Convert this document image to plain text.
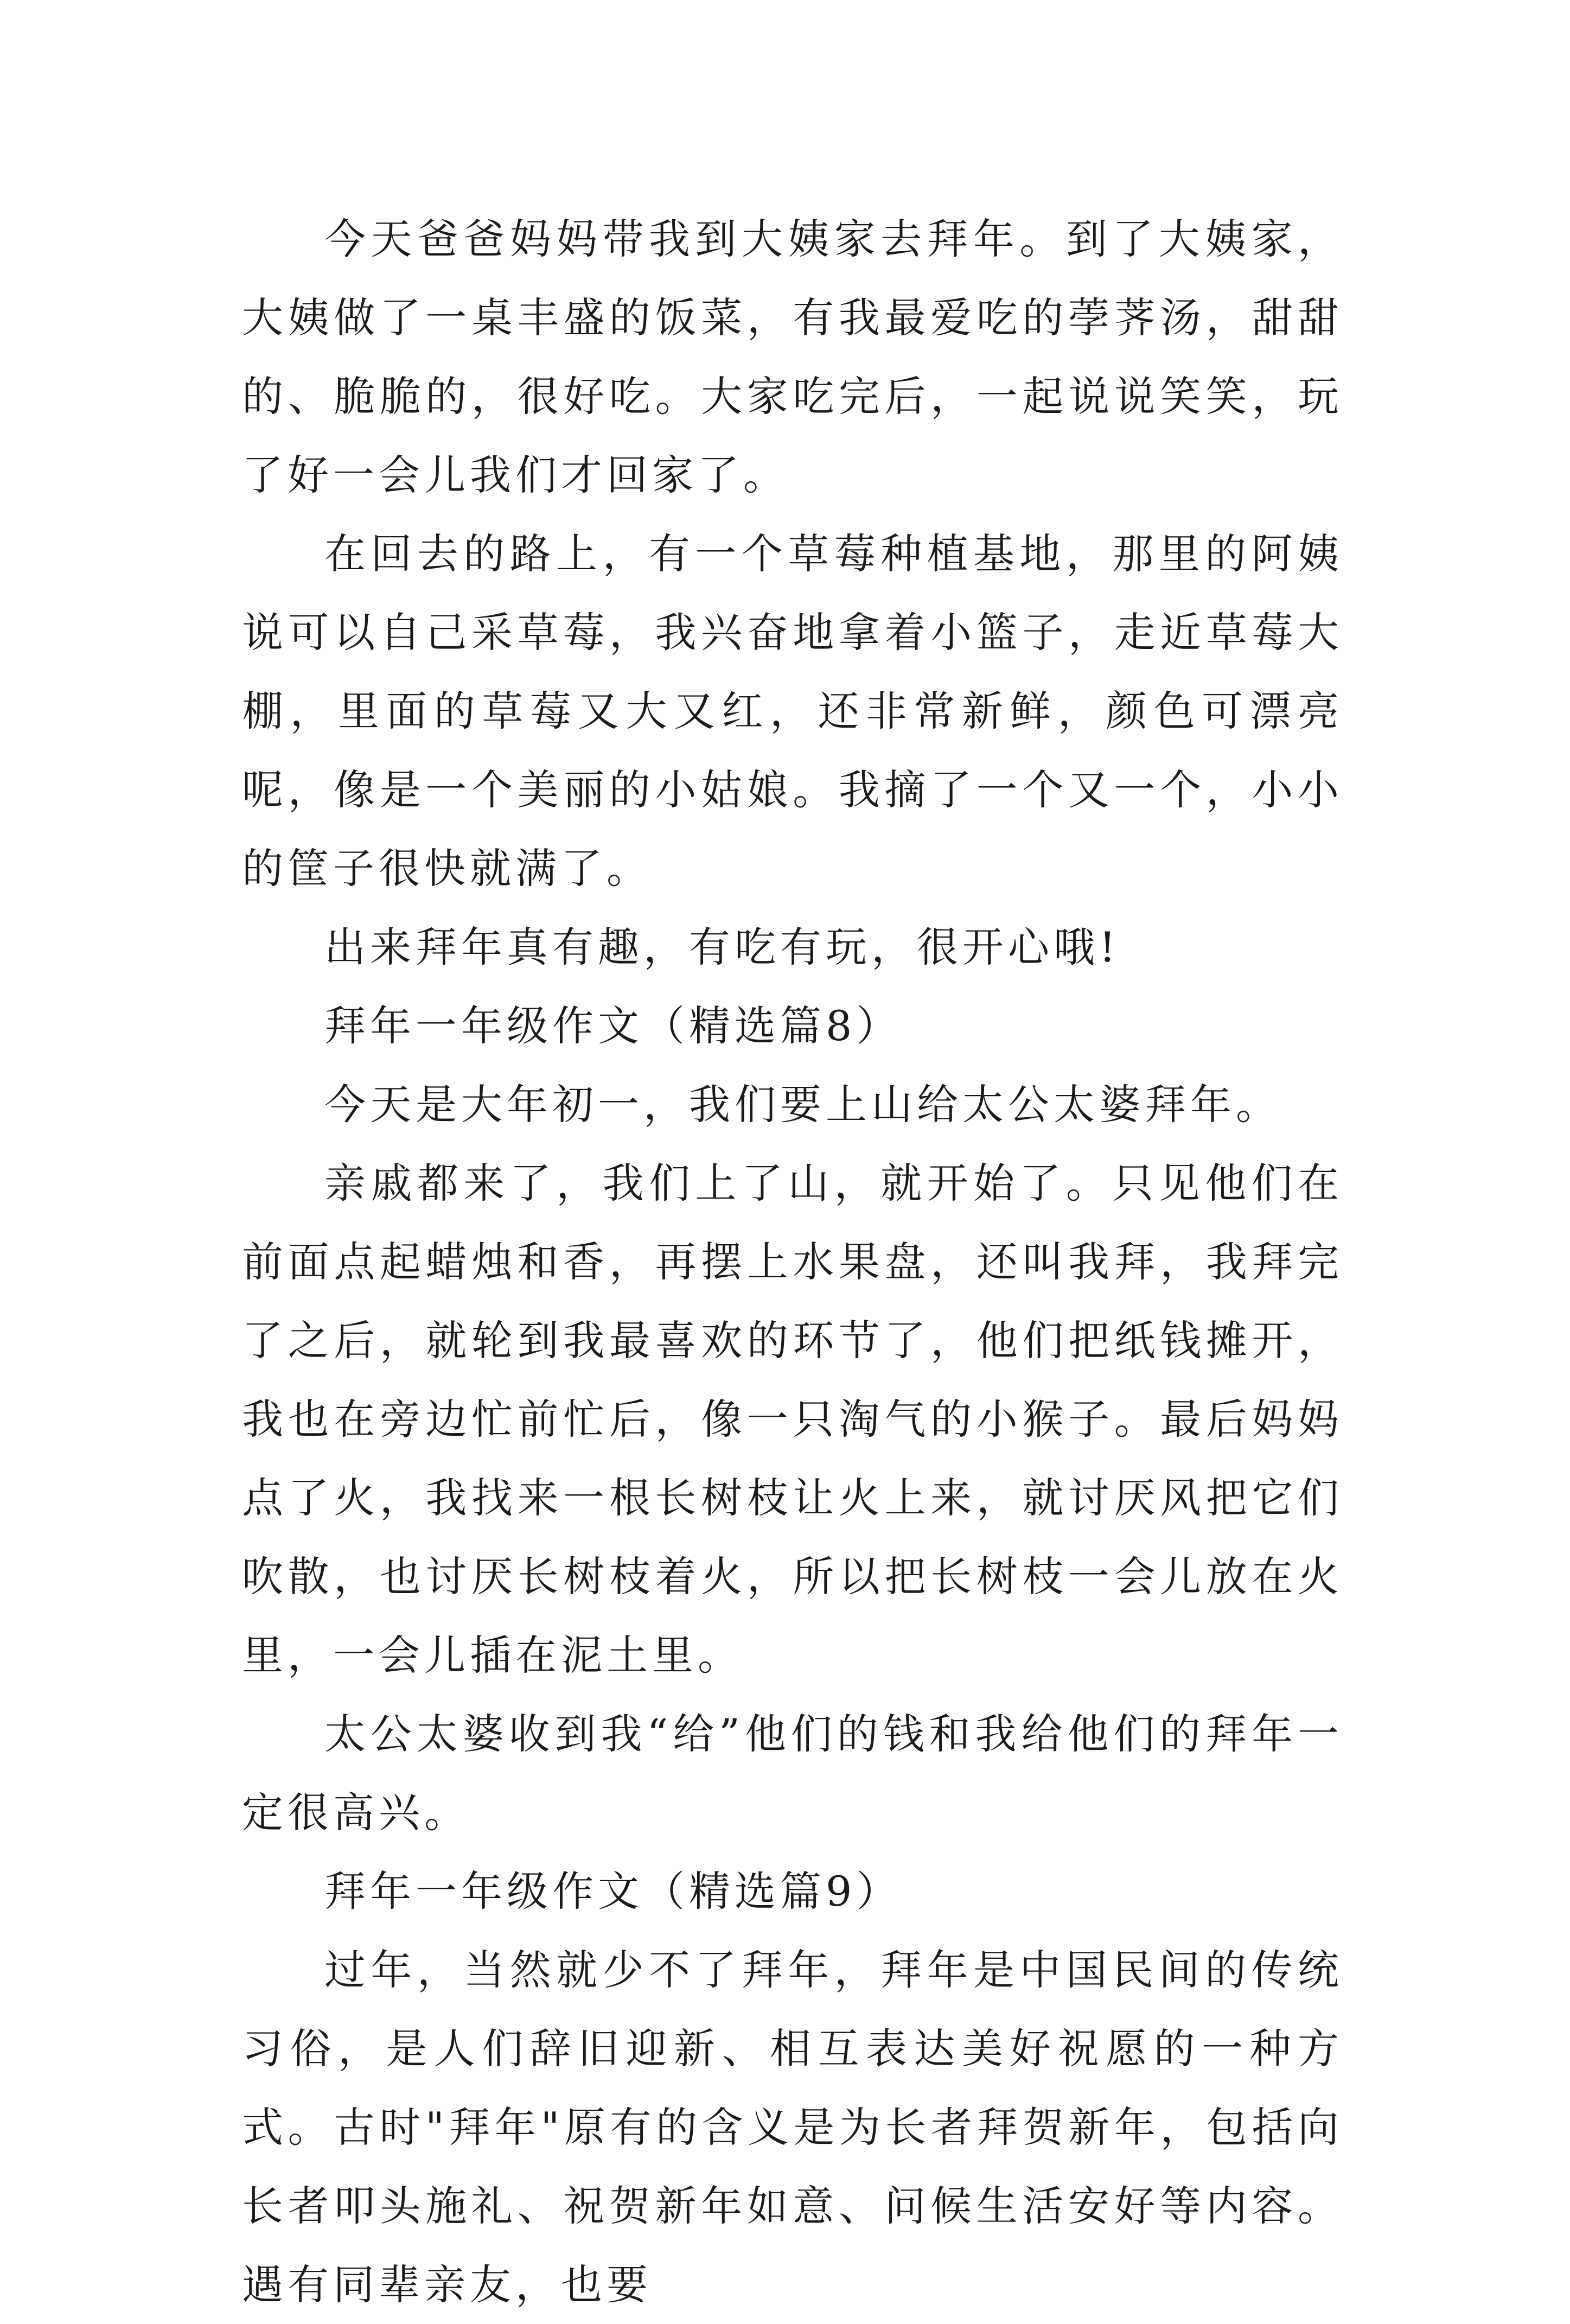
今天爸爸妈妈带我到大姨家去拜年。到了大姨家，大姨做了一桌丰盛的饭菜，有我最爱吃的荸荠汤，甜甜的、脆脆的，很好吃。大家吃完后，一起说说笑笑，玩了好一会儿我们才回家了。

在回去的路上，有一个草莓种植基地，那里的阿姨说可以自己采草莓，我兴奋地拿着小篮子，走近草莓大棚，里面的草莓又大又红，还非常新鲜，颜色可漂亮呢，像是一个美丽的小姑娘。我摘了一个又一个，小小的筐子很快就满了。

出来拜年真有趣，有吃有玩，很开心哦!

拜年一年级作文（精选篇8）

今天是大年初一，我们要上山给太公太婆拜年。

亲戚都来了，我们上了山，就开始了。只见他们在前面点起蜡烛和香，再摆上水果盘，还叫我拜，我拜完了之后，就轮到我最喜欢的环节了，他们把纸钱摊开，我也在旁边忙前忙后，像一只淘气的小猴子。最后妈妈点了火，我找来一根长树枝让火上来，就讨厌风把它们吹散，也讨厌长树枝着火，所以把长树枝一会儿放在火里，一会儿插在泥土里。

太公太婆收到我“给”他们的钱和我给他们的拜年一定很高兴。

拜年一年级作文（精选篇9）

过年，当然就少不了拜年，拜年是中国民间的传统习俗，是人们辞旧迎新、相互表达美好祝愿的一种方式。古时"拜年"原有的含义是为长者拜贺新年，包括向长者叩头施礼、祝贺新年如意、问候生活安好等内容。遇有同辈亲友，也要
